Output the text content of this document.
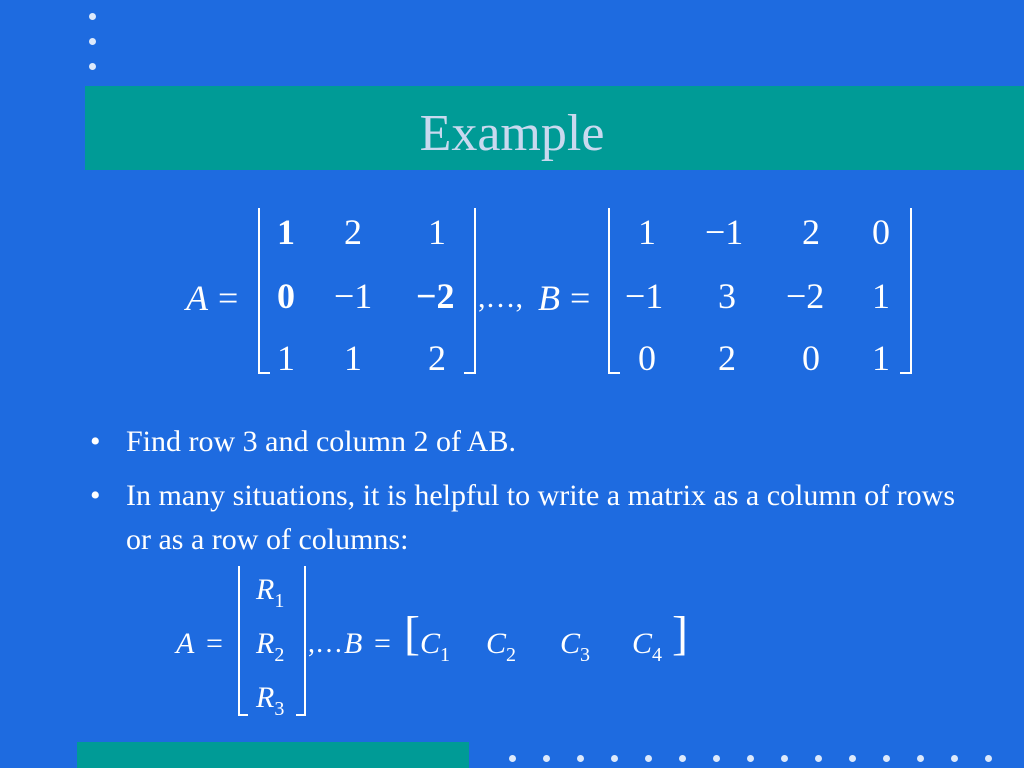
Example
A =
1 2 1
0 −1 −2
1 1 2
,…, B =
1 −1 2 0
−1 3 −2 1
0 2 0 1
• Find row 3 and column 2 of AB.
• In many situations, it is helpful to write a matrix as a column of rows or as a row of columns:
A =
$R_1$
$R_2$
$R_3$
,… B = [ $C_1$ $C_2$ $C_3$ $C_4$ ]
